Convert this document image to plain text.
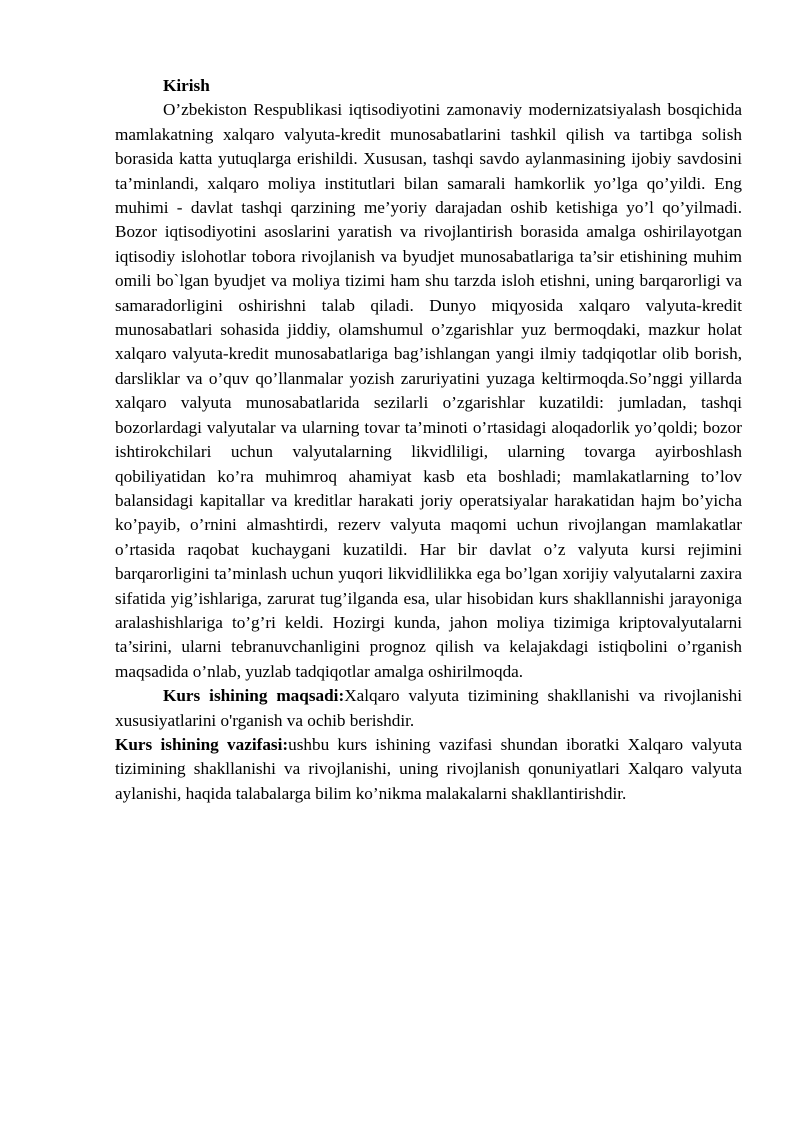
Kirish

O’zbekiston Respublikasi iqtisodiyotini zamonaviy modernizatsiyalash bosqichida mamlakatning xalqaro valyuta-kredit munosabatlarini tashkil qilish va tartibga solish borasida katta yutuqlarga erishildi. Xususan, tashqi savdo aylanmasining ijobiy savdosini ta’minlandi, xalqaro moliya institutlari bilan samarali hamkorlik yo’lga qo’yildi. Eng muhimi - davlat tashqi qarzining me’yoriy darajadan oshib ketishiga yo’l qo’yilmadi. Bozor iqtisodiyotini asoslarini yaratish va rivojlantirish borasida amalga oshirilayotgan iqtisodiy islohotlar tobora rivojlanish va byudjet munosabatlariga ta’sir etishining muhim omili bo`lgan byudjet va moliya tizimi ham shu tarzda isloh etishni, uning barqarorligi va samaradorligini oshirishni talab qiladi. Dunyo miqyosida xalqaro valyuta-kredit munosabatlari sohasida jiddiy, olamshumul o’zgarishlar yuz bermoqdaki, mazkur holat xalqaro valyuta-kredit munosabatlariga bag’ishlangan yangi ilmiy tadqiqotlar olib borish, darsliklar va o’quv qo’llanmalar yozish zaruriyatini yuzaga keltirmoqda.So’nggi yillarda xalqaro valyuta munosabatlarida sezilarli o’zgarishlar kuzatildi: jumladan, tashqi bozorlardagi valyutalar va ularning tovar ta’minoti o’rtasidagi aloqadorlik yo’qoldi; bozor ishtirokchilari uchun valyutalarning likvidliligi, ularning tovarga ayirboshlash qobiliyatidan ko’ra muhimroq ahamiyat kasb eta boshladi; mamlakatlarning to’lov balansidagi kapitallar va kreditlar harakati joriy operatsiyalar harakatidan hajm bo’yicha ko’payib, o’rnini almashtirdi, rezerv valyuta maqomi uchun rivojlangan mamlakatlar o’rtasida raqobat kuchaygani kuzatildi. Har bir davlat o’z valyuta kursi rejimini barqarorligini ta’minlash uchun yuqori likvidlilikka ega bo’lgan xorijiy valyutalarni zaxira sifatida yig’ishlariga, zarurat tug’ilganda esa, ular hisobidan kurs shakllannishi jarayoniga aralashishlariga to’g’ri keldi. Hozirgi kunda, jahon moliya tizimiga kriptovalyutalarni ta’sirini, ularni tebranuvchanligini prognoz qilish va kelajakdagi istiqbolini o’rganish maqsadida o’nlab, yuzlab tadqiqotlar amalga oshirilmoqda.

Kurs ishining maqsadi:Xalqaro valyuta tizimining shakllanishi va rivojlanishi xususiyatlarini o'rganish va ochib berishdir.

Kurs ishining vazifasi:ushbu kurs ishining vazifasi shundan iboratki Xalqaro valyuta tizimining shakllanishi va rivojlanishi, uning rivojlanish qonuniyatlari Xalqaro valyuta aylanishi, haqida talabalarga bilim ko’nikma malakalarni shakllantirishdir.
